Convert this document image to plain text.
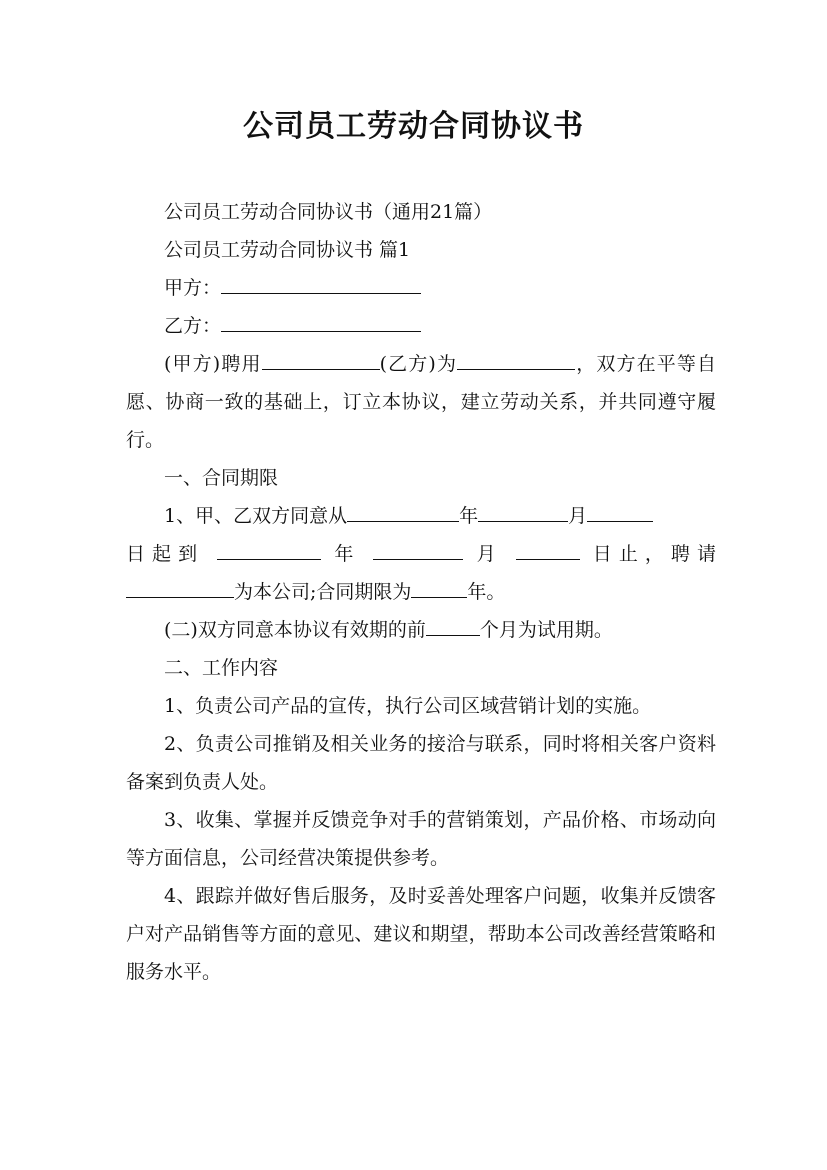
公司员工劳动合同协议书

公司员工劳动合同协议书（通用21篇）

公司员工劳动合同协议书 篇1

甲方：

乙方：

(甲方)聘用	(乙方)为	，双方在平等自愿、协商一致的基础上，订立本协议，建立劳动关系，并共同遵守履行。

一、合同期限

1、甲、乙双方同意从	年	月

日起到	年	月	日止，聘请

为本公司;合同期限为	年。

(二)双方同意本协议有效期的前	个月为试用期。

二、工作内容

1、负责公司产品的宣传，执行公司区域营销计划的实施。

2、负责公司推销及相关业务的接洽与联系，同时将相关客户资料备案到负责人处。

3、收集、掌握并反馈竞争对手的营销策划，产品价格、市场动向等方面信息，公司经营决策提供参考。

4、跟踪并做好售后服务，及时妥善处理客户问题，收集并反馈客户对产品销售等方面的意见、建议和期望，帮助本公司改善经营策略和服务水平。
